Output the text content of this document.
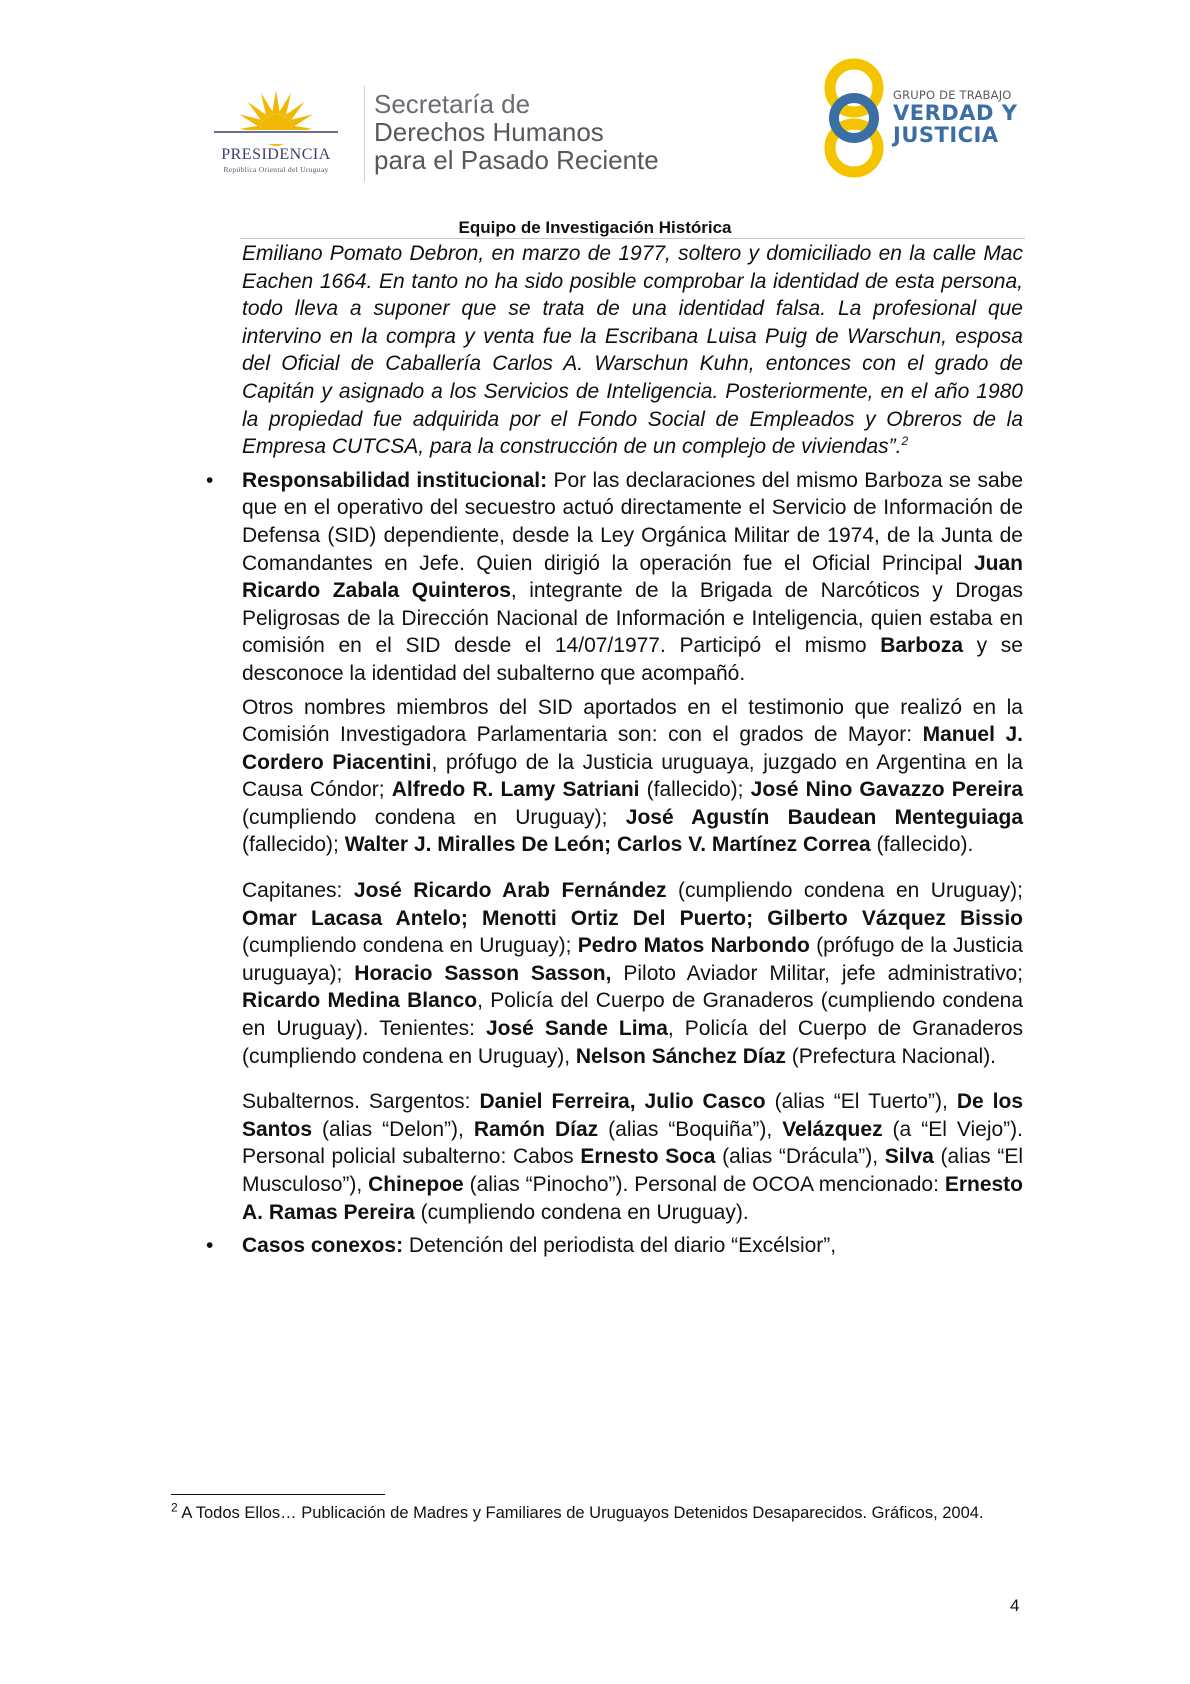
PRESIDENCIA
República Oriental del Uruguay
Secretaría de
Derechos Humanos
para el Pasado Reciente
GRUPO DE TRABAJO
VERDAD Y
JUSTICIA
Equipo de Investigación Histórica

Emiliano Pomato Debron, en marzo de 1977, soltero y domiciliado en la calle Mac Eachen 1664. En tanto no ha sido posible comprobar la identidad de esta persona, todo lleva a suponer que se trata de una identidad falsa. La profesional que intervino en la compra y venta fue la Escribana Luisa Puig de Warschun, esposa del Oficial de Caballería Carlos A. Warschun Kuhn, entonces con el grado de Capitán y asignado a los Servicios de Inteligencia. Posteriormente, en el año 1980 la propiedad fue adquirida por el Fondo Social de Empleados y Obreros de la Empresa CUTCSA, para la construcción de un complejo de viviendas”.$^2$

• Responsabilidad institucional: Por las declaraciones del mismo Barboza se sabe que en el operativo del secuestro actuó directamente el Servicio de Información de Defensa (SID) dependiente, desde la Ley Orgánica Militar de 1974, de la Junta de Comandantes en Jefe. Quien dirigió la operación fue el Oficial Principal Juan Ricardo Zabala Quinteros, integrante de la Brigada de Narcóticos y Drogas Peligrosas de la Dirección Nacional de Información e Inteligencia, quien estaba en comisión en el SID desde el 14/07/1977. Participó el mismo Barboza y se desconoce la identidad del subalterno que acompañó.

Otros nombres miembros del SID aportados en el testimonio que realizó en la Comisión Investigadora Parlamentaria son: con el grados de Mayor: Manuel J. Cordero Piacentini, prófugo de la Justicia uruguaya, juzgado en Argentina en la Causa Cóndor; Alfredo R. Lamy Satriani (fallecido); José Nino Gavazzo Pereira (cumpliendo condena en Uruguay); José Agustín Baudean Menteguiaga (fallecido); Walter J. Miralles De León; Carlos V. Martínez Correa (fallecido).

Capitanes: José Ricardo Arab Fernández (cumpliendo condena en Uruguay); Omar Lacasa Antelo; Menotti Ortiz Del Puerto; Gilberto Vázquez Bissio (cumpliendo condena en Uruguay); Pedro Matos Narbondo (prófugo de la Justicia uruguaya); Horacio Sasson Sasson, Piloto Aviador Militar, jefe administrativo; Ricardo Medina Blanco, Policía del Cuerpo de Granaderos (cumpliendo condena en Uruguay). Tenientes: José Sande Lima, Policía del Cuerpo de Granaderos (cumpliendo condena en Uruguay), Nelson Sánchez Díaz (Prefectura Nacional).

Subalternos. Sargentos: Daniel Ferreira, Julio Casco (alias “El Tuerto”), De los Santos (alias “Delon”), Ramón Díaz (alias “Boquiña”), Velázquez (a “El Viejo”). Personal policial subalterno: Cabos Ernesto Soca (alias “Drácula”), Silva (alias “El Musculoso”), Chinepoe (alias “Pinocho”). Personal de OCOA mencionado: Ernesto A. Ramas Pereira (cumpliendo condena en Uruguay).

• Casos conexos: Detención del periodista del diario “Excélsior”,

$^2$ A Todos Ellos… Publicación de Madres y Familiares de Uruguayos Detenidos Desaparecidos. Gráficos, 2004.
4
